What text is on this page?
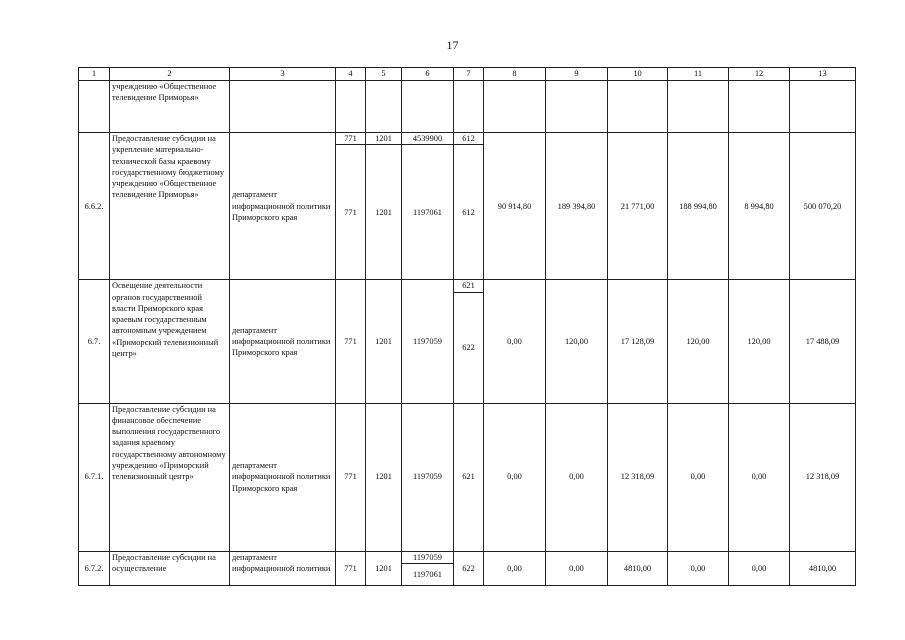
17
1	2	3	4	5	6	7	8	9	10	11	12	13
	учреждению «Общественное телевидение Приморья»											
6.6.2.	Предоставление субсидии на укрепление материально-технической базы краевому государственному бюджетному учреждению «Общественное телевидение Приморья»	департамент информационной политики Приморского края	771	1201	4539900	612	90 914,80	189 394,80	21 771,00	188 994,80	8 994,80	500 070,20
			771	1201	1197061	612						
6.7.	Освещение деятельности органов государственной власти Приморского края краевым государственным автономным учреждением «Приморский телевизионный центр»	департамент информационной политики Приморского края	771	1201	1197059	621	0,00	120,00	17 128,09	120,00	120,00	17 488,09
						622						
6.7.1.	Предоставление субсидии на финансовое обеспечение выполнения государственного задания краевому государственному автономному учреждению «Приморский телевизионный центр»	департамент информационной политики Приморского края	771	1201	1197059	621	0,00	0,00	12 318,09	0,00	0,00	12 318,09
6.7.2.	Предоставление субсидии на осуществление	департамент информационной политики	771	1201	1197059	622	0,00	0,00	4810,00	0,00	0,00	4810,00
					1197061							
